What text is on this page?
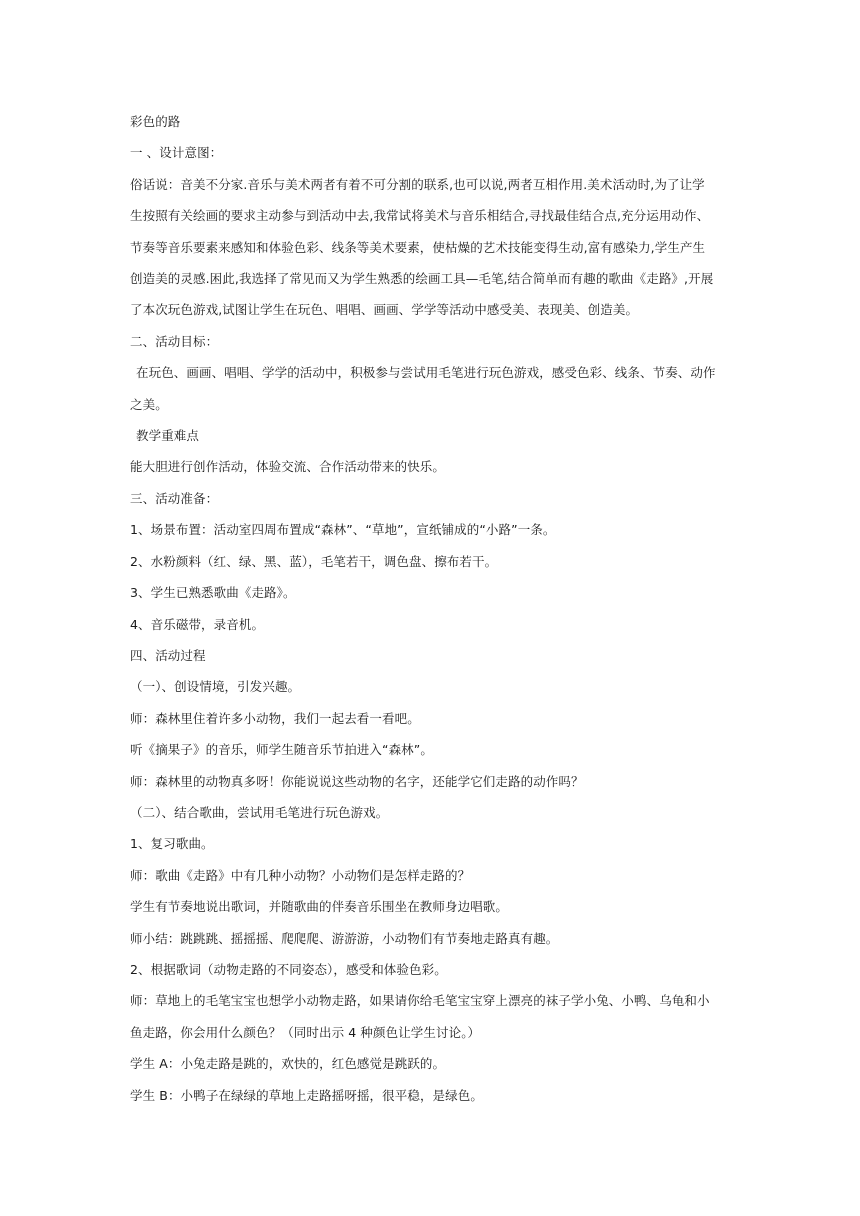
彩色的路
一 、设计意图：
俗话说：音美不分家.音乐与美术两者有着不可分割的联系,也可以说,两者互相作用.美术活动时,为了让学
生按照有关绘画的要求主动参与到活动中去,我常试将美术与音乐相结合,寻找最佳结合点,充分运用动作、
节奏等音乐要素来感知和体验色彩、线条等美术要素，使枯燥的艺术技能变得生动,富有感染力,学生产生
创造美的灵感.困此,我选择了常见而又为学生熟悉的绘画工具—毛笔,结合简单而有趣的歌曲《走路》,开展
了本次玩色游戏,试图让学生在玩色、唱唱、画画、学学等活动中感受美、表现美、创造美。
二、活动目标：
在玩色、画画、唱唱、学学的活动中，积极参与尝试用毛笔进行玩色游戏，感受色彩、线条、节奏、动作
之美。
教学重难点
能大胆进行创作活动，体验交流、合作活动带来的快乐。
三、活动准备：
1、场景布置：活动室四周布置成“森林”、“草地”，宣纸铺成的“小路”一条。
2、水粉颜料（红、绿、黑、蓝），毛笔若干，调色盘、擦布若干。
3、学生已熟悉歌曲《走路》。
4、音乐磁带，录音机。
四、活动过程
（一）、创设情境，引发兴趣。
师：森林里住着许多小动物，我们一起去看一看吧。
听《摘果子》的音乐，师学生随音乐节拍进入“森林”。
师：森林里的动物真多呀！你能说说这些动物的名字，还能学它们走路的动作吗？
（二）、结合歌曲，尝试用毛笔进行玩色游戏。
1、复习歌曲。
师：歌曲《走路》中有几种小动物？小动物们是怎样走路的？
学生有节奏地说出歌词，并随歌曲的伴奏音乐围坐在教师身边唱歌。
师小结：跳跳跳、摇摇摇、爬爬爬、游游游，小动物们有节奏地走路真有趣。
2、根据歌词（动物走路的不同姿态），感受和体验色彩。
师：草地上的毛笔宝宝也想学小动物走路，如果请你给毛笔宝宝穿上漂亮的袜子学小兔、小鸭、乌龟和小
鱼走路，你会用什么颜色？（同时出示 4 种颜色让学生讨论。）
学生 A：小兔走路是跳的，欢快的，红色感觉是跳跃的。
学生 B：小鸭子在绿绿的草地上走路摇呀摇，很平稳，是绿色。
